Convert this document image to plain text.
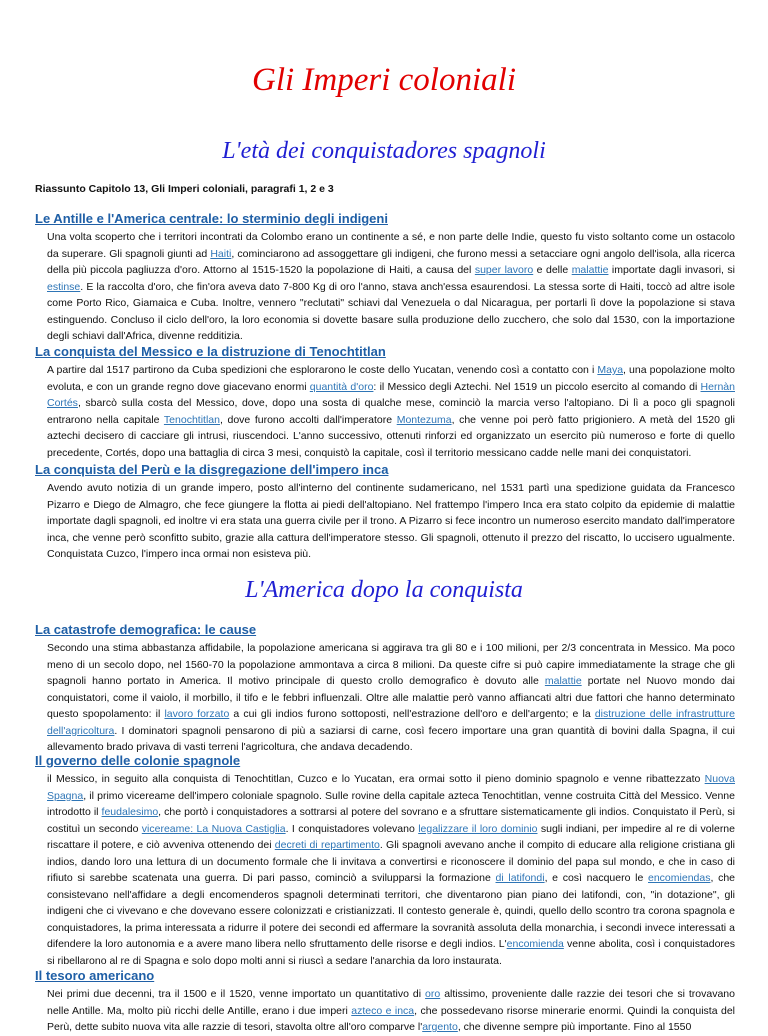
Gli Imperi coloniali
L'età dei conquistadores spagnoli
Riassunto Capitolo 13, Gli Imperi coloniali, paragrafi 1, 2 e 3
Le Antille e l'America centrale: lo sterminio degli indigeni

Una volta scoperto che i territori incontrati da Colombo erano un continente a sé, e non parte delle Indie, questo fu visto soltanto come un ostacolo da superare. Gli spagnoli giunti ad Haiti, cominciarono ad assoggettare gli indigeni, che furono messi a setacciare ogni angolo dell'isola, alla ricerca della più piccola pagliuzza d'oro. Attorno al 1515-1520 la popolazione di Haiti, a causa del super lavoro e delle malattie importate dagli invasori, si estinse. E la raccolta d'oro, che fin'ora aveva dato 7-800 Kg di oro l'anno, stava anch'essa esaurendosi. La stessa sorte di Haiti, toccò ad altre isole come Porto Rico, Giamaica e Cuba. Inoltre, vennero "reclutati" schiavi dal Venezuela o dal Nicaragua, per portarli lì dove la popolazione si stava estinguendo. Concluso il ciclo dell'oro, la loro economia si dovette basare sulla produzione dello zucchero, che solo dal 1530, con la importazione degli schiavi dall'Africa, divenne redditizia.

La conquista del Messico e la distruzione di Tenochtitlan

A partire dal 1517 partirono da Cuba spedizioni che esplorarono le coste dello Yucatan, venendo così a contatto con i Maya, una popolazione molto evoluta, e con un grande regno dove giacevano enormi quantità d'oro: il Messico degli Aztechi. Nel 1519 un piccolo esercito al comando di Hernàn Cortés, sbarcò sulla costa del Messico, dove, dopo una sosta di qualche mese, cominciò la marcia verso l'altopiano. Di lì a poco gli spagnoli entrarono nella capitale Tenochtitlan, dove furono accolti dall'imperatore Montezuma, che venne poi però fatto prigioniero. A metà del 1520 gli aztechi decisero di cacciare gli intrusi, riuscendoci. L'anno successivo, ottenuti rinforzi ed organizzato un esercito più numeroso e forte di quello precedente, Cortés, dopo una battaglia di circa 3 mesi, conquistò la capitale, così il territorio messicano cadde nelle mani dei conquistatori.

La conquista del Perù e la disgregazione dell'impero inca

Avendo avuto notizia di un grande impero, posto all'interno del continente sudamericano, nel 1531 partì una spedizione guidata da Francesco Pizarro e Diego de Almagro, che fece giungere la flotta ai piedi dell'altopiano. Nel frattempo l'impero Inca era stato colpito da epidemie di malattie importate dagli spagnoli, ed inoltre vi era stata una guerra civile per il trono. A Pizarro si fece incontro un numeroso esercito mandato dall'imperatore inca, che venne però sconfitto subito, grazie alla cattura dell'imperatore stesso. Gli spagnoli, ottenuto il prezzo del riscatto, lo uccisero ugualmente. Conquistata Cuzco, l'impero inca ormai non esisteva più.

L'America dopo la conquista
La catastrofe demografica: le cause

Secondo una stima abbastanza affidabile, la popolazione americana si aggirava tra gli 80 e i 100 milioni, per 2/3 concentrata in Messico. Ma poco meno di un secolo dopo, nel 1560-70 la popolazione ammontava a circa 8 milioni. Da queste cifre si può capire immediatamente la strage che gli spagnoli hanno portato in America. Il motivo principale di questo crollo demografico è dovuto alle malattie portate nel Nuovo mondo dai conquistatori, come il vaiolo, il morbillo, il tifo e le febbri influenzali. Oltre alle malattie però vanno affiancati altri due fattori che hanno determinato questo spopolamento: il lavoro forzato a cui gli indios furono sottoposti, nell'estrazione dell'oro e dell'argento; e la distruzione delle infrastrutture dell'agricoltura. I dominatori spagnoli pensarono di più a saziarsi di carne, così fecero importare una gran quantità di bovini dalla Spagna, il cui allevamento brado privava di vasti terreni l'agricoltura, che andava decadendo.

Il governo delle colonie spagnole

il Messico, in seguito alla conquista di Tenochtitlan, Cuzco e lo Yucatan, era ormai sotto il pieno dominio spagnolo e venne ribattezzato Nuova Spagna, il primo vicereame dell'impero coloniale spagnolo. Sulle rovine della capitale azteca Tenochtitlan, venne costruita Città del Messico. Venne introdotto il feudalesimo, che portò i conquistadores a sottrarsi al potere del sovrano e a sfruttare sistematicamente gli indios. Conquistato il Perù, si costituì un secondo vicereame: La Nuova Castiglia. I conquistadores volevano legalizzare il loro dominio sugli indiani, per impedire al re di volerne riscattare il potere, e ciò avveniva ottenendo dei decreti di repartimento. Gli spagnoli avevano anche il compito di educare alla religione cristiana gli indios, dando loro una lettura di un documento formale che li invitava a convertirsi e riconoscere il dominio del papa sul mondo, e che in caso di rifiuto si sarebbe scatenata una guerra. Di pari passo, cominciò a svilupparsi la formazione di latifondi, e così nacquero le encomiendas, che consistevano nell'affidare a degli encomenderos spagnoli determinati territori, che diventarono pian piano dei latifondi, con, "in dotazione", gli indigeni che ci vivevano e che dovevano essere colonizzati e cristianizzati. Il contesto generale è, quindi, quello dello scontro tra corona spagnola e conquistadores, la prima interessata a ridurre il potere dei secondi ed affermare la sovranità assoluta della monarchia, i secondi invece interessati a difendere la loro autonomia e a avere mano libera nello sfruttamento delle risorse e degli indios. L'encomienda venne abolita, così i conquistadores si ribellarono al re di Spagna e solo dopo molti anni si riuscì a sedare l'anarchia da loro instaurata.

Il tesoro americano

Nei primi due decenni, tra il 1500 e il 1520, venne importato un quantitativo di oro altissimo, proveniente dalle razzie dei tesori che si trovavano nelle Antille. Ma, molto più ricchi delle Antille, erano i due imperi azteco e inca, che possedevano risorse minerarie enormi. Quindi la conquista del Perù, dette subito nuova vita alle razzie di tesori, stavolta oltre all'oro comparve l'argento, che divenne sempre più importante. Fino al 1550
